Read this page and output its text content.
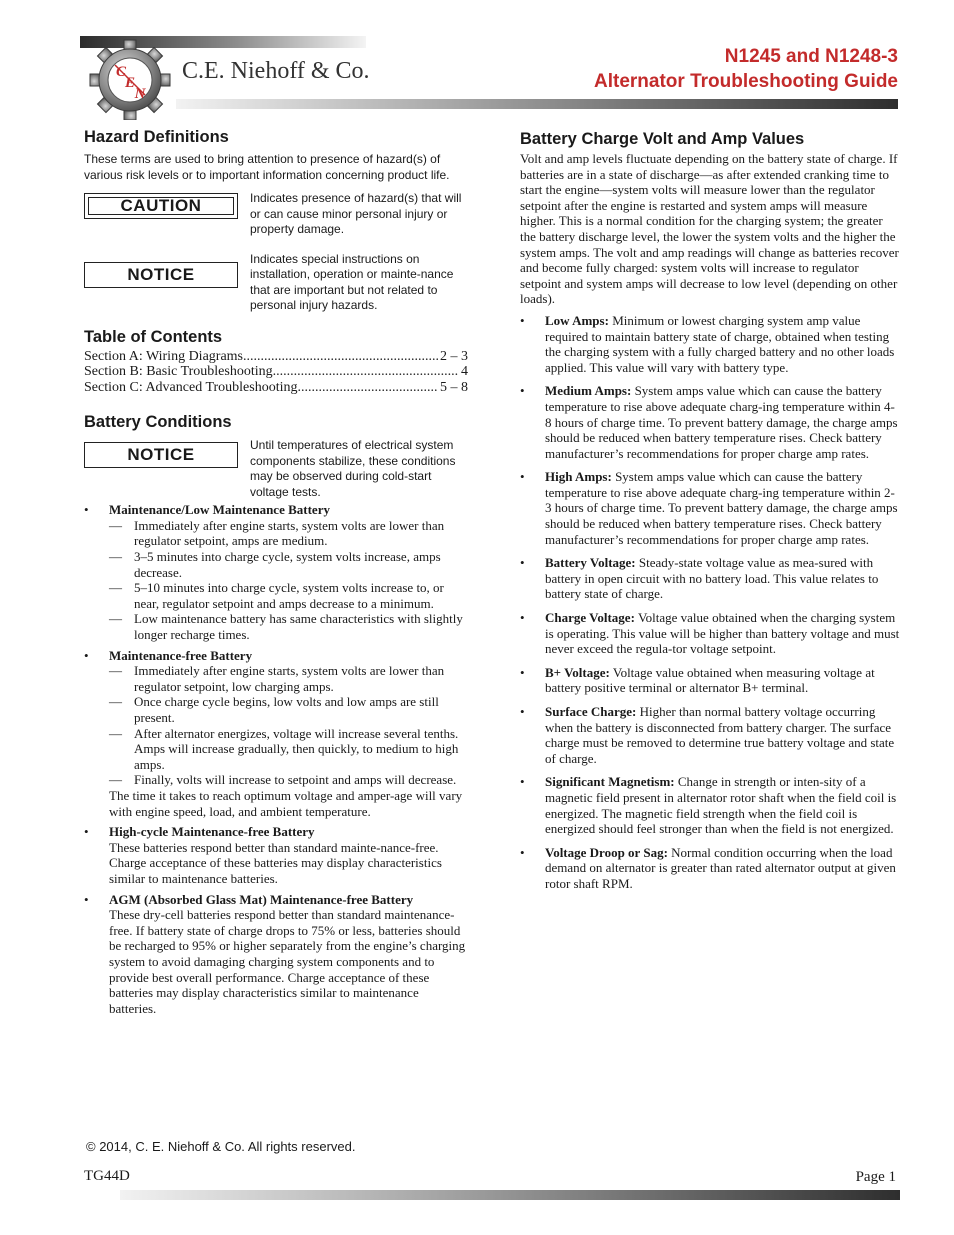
C
E
N
C.E. Niehoff & Co.
N1245 and N1248-3
Alternator Troubleshooting Guide
Hazard Definitions

These terms are used to bring attention to presence of hazard(s) of various risk levels or to important information concerning product life.

CAUTION	Indicates presence of hazard(s) that will or can cause minor personal injury or property damage.
NOTICE
Indicates special instructions on installation, operation or mainte-nance that are important but not related to personal injury hazards.
Table of Contents
Section A: Wiring Diagrams .....	2 – 3
Section B: Basic Troubleshooting .....	4
Section C: Advanced Troubleshooting .....	5 – 8
Battery Conditions
NOTICE	Until temperatures of electrical system components stabilize, these conditions may be observed during cold-start voltage tests.
•	Maintenance/Low Maintenance Battery
— Immediately after engine starts, system volts are lower than regulator setpoint, amps are medium.
— 3–5 minutes into charge cycle, system volts increase, amps decrease.
— 5–10 minutes into charge cycle, system volts increase to, or near, regulator setpoint and amps decrease to a minimum.
— Low maintenance battery has same characteristics with slightly longer recharge times.
•	Maintenance-free Battery
— Immediately after engine starts, system volts are lower than regulator setpoint, low charging amps.
— Once charge cycle begins, low volts and low amps are still present.
— After alternator energizes, voltage will increase several tenths. Amps will increase gradually, then quickly, to medium to high amps.
— Finally, volts will increase to setpoint and amps will decrease.
The time it takes to reach optimum voltage and amper-age will vary with engine speed, load, and ambient temperature.
•	High-cycle Maintenance-free Battery
These batteries respond better than standard mainte-nance-free. Charge acceptance of these batteries may display characteristics similar to maintenance batteries.
•	AGM (Absorbed Glass Mat) Maintenance-free Battery
These dry-cell batteries respond better than standard maintenance-free. If battery state of charge drops to 75% or less, batteries should be recharged to 95% or higher separately from the engine’s charging system to avoid damaging charging system components and to provide best overall performance. Charge acceptance of these batteries may display characteristics similar to maintenance batteries.
Battery Charge Volt and Amp Values

Volt and amp levels fluctuate depending on the battery state of charge. If batteries are in a state of discharge—as after extended cranking time to start the engine—system volts will measure lower than the regulator setpoint after the engine is restarted and system amps will measure higher. This is a normal condition for the charging system; the greater the battery discharge level, the lower the system volts and the higher the system amps. The volt and amp readings will change as batteries recover and become fully charged: system volts will increase to regulator setpoint and system amps will decrease to low level (depending on other loads).

•	Low Amps: Minimum or lowest charging system amp value required to maintain battery state of charge, obtained when testing the charging system with a fully charged battery and no other loads applied. This value will vary with battery type.
•	Medium Amps: System amps value which can cause the battery temperature to rise above adequate charg-ing temperature within 4-8 hours of charge time. To prevent battery damage, the charge amps should be reduced when battery temperature rises. Check battery manufacturer’s recommendations for proper charge amp rates.
•	High Amps: System amps value which can cause the battery temperature to rise above adequate charg-ing temperature within 2-3 hours of charge time. To prevent battery damage, the charge amps should be reduced when battery temperature rises. Check battery manufacturer’s recommendations for proper charge amp rates.
•	Battery Voltage: Steady-state voltage value as mea-sured with battery in open circuit with no battery load. This value relates to battery state of charge.
•	Charge Voltage: Voltage value obtained when the charging system is operating. This value will be higher than battery voltage and must never exceed the regula-tor voltage setpoint.
•	B+ Voltage: Voltage value obtained when measuring voltage at battery positive terminal or alternator B+ terminal.
•	Surface Charge: Higher than normal battery voltage occurring when the battery is disconnected from battery charger. The surface charge must be removed to determine true battery voltage and state of charge.
•	Significant Magnetism: Change in strength or inten-sity of a magnetic field present in alternator rotor shaft when the field coil is energized. The magnetic field strength when the field coil is energized should feel stronger than when the field is not energized.
•	Voltage Droop or Sag: Normal condition occurring when the load demand on alternator is greater than rated alternator output at given rotor shaft RPM.
© 2014, C. E. Niehoff & Co. All rights reserved.
TG44D	Page 1
